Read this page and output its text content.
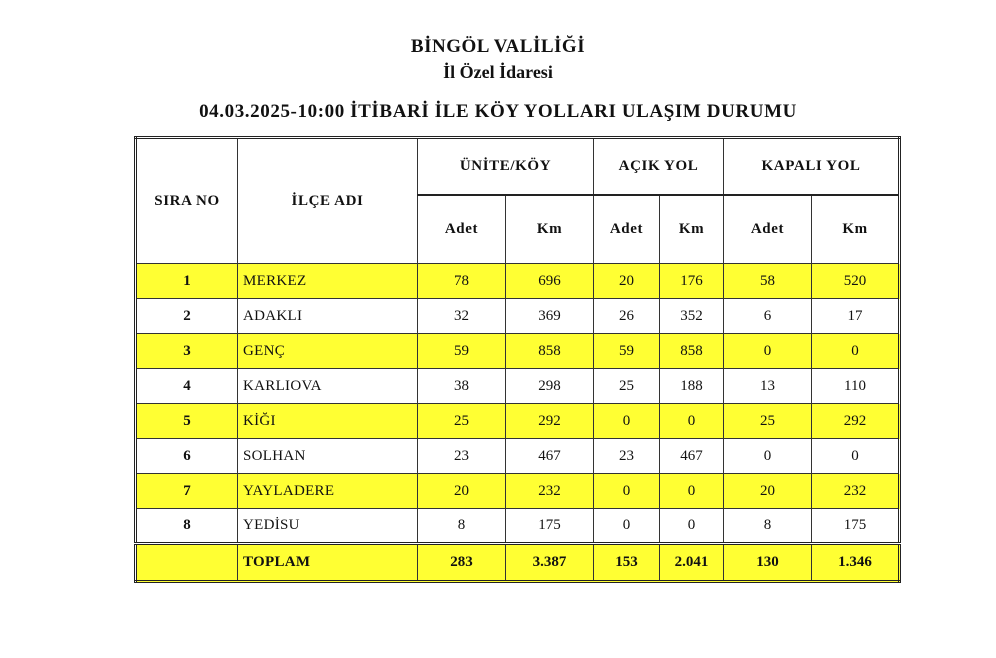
BİNGÖL VALİLİĞİ
İl Özel İdaresi
04.03.2025-10:00 İTİBARİ İLE KÖY YOLLARI ULAŞIM DURUMU
SIRA NO	İLÇE ADI	ÜNİTE/KÖY		AÇIK YOL		KAPALI YOL	
		Adet	Km	Adet	Km	Adet	Km
1	MERKEZ	78	696	20	176	58	520
2	ADAKLI	32	369	26	352	6	17
3	GENÇ	59	858	59	858	0	0
4	KARLIOVA	38	298	25	188	13	110
5	KİĞI	25	292	0	0	25	292
6	SOLHAN	23	467	23	467	0	0
7	YAYLADERE	20	232	0	0	20	232
8	YEDİSU	8	175	0	0	8	175
	TOPLAM	283	3.387	153	2.041	130	1.346
